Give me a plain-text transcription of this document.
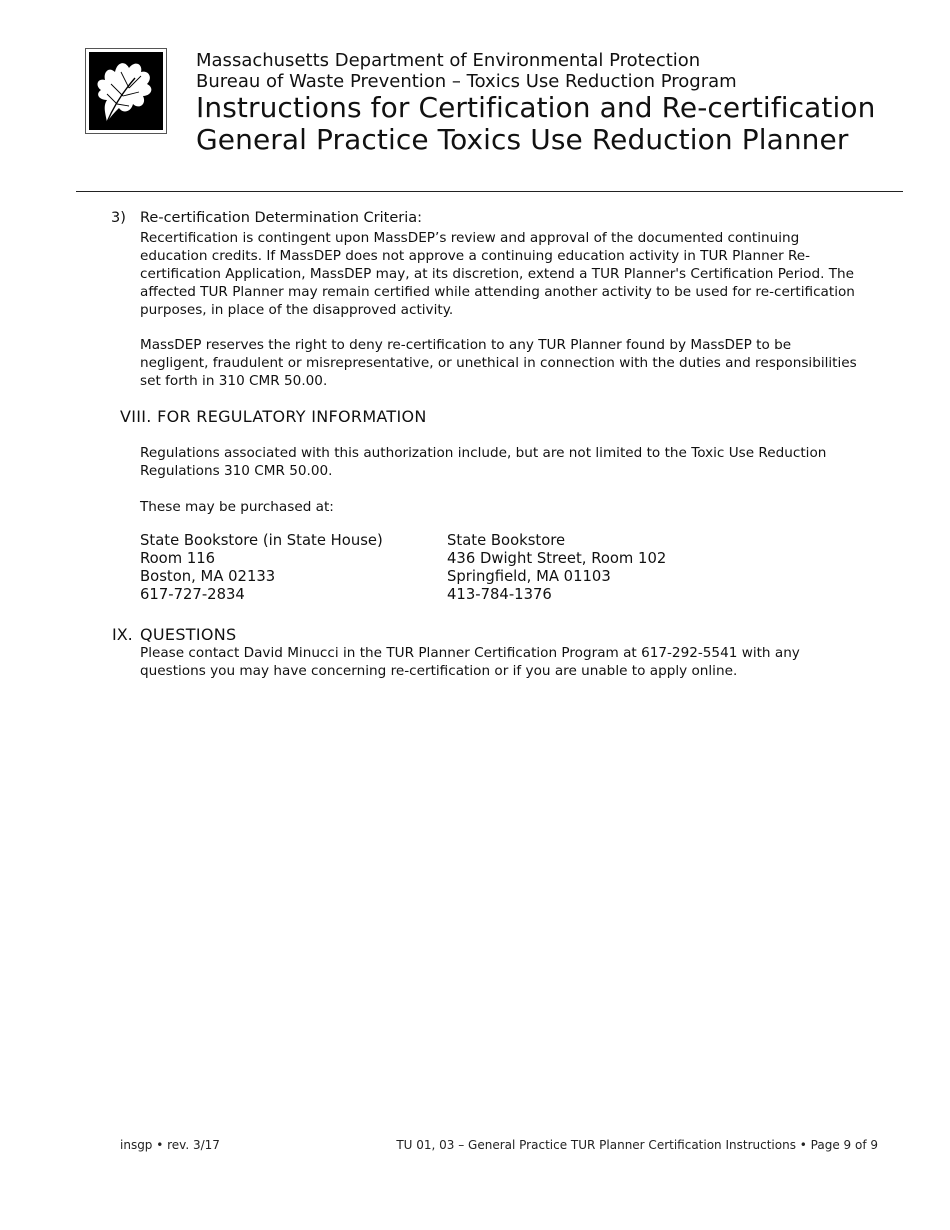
Massachusetts Department of Environmental Protection
Bureau of Waste Prevention – Toxics Use Reduction Program
Instructions for Certification and Re-certification
General Practice Toxics Use Reduction Planner
3) Re-certification Determination Criteria:
Recertification is contingent upon MassDEP’s review and approval of the documented continuing education credits. If MassDEP does not approve a continuing education activity in TUR Planner Re-certification Application, MassDEP may, at its discretion, extend a TUR Planner's Certification Period. The affected TUR Planner may remain certified while attending another activity to be used for re-certification purposes, in place of the disapproved activity.
MassDEP reserves the right to deny re-certification to any TUR Planner found by MassDEP to be negligent, fraudulent or misrepresentative, or unethical in connection with the duties and responsibilities set forth in 310 CMR 50.00.
VIII. FOR REGULATORY INFORMATION
Regulations associated with this authorization include, but are not limited to the Toxic Use Reduction Regulations 310 CMR 50.00.
These may be purchased at:
State Bookstore (in State House)
Room 116
Boston, MA 02133
617-727-2834
State Bookstore
436 Dwight Street, Room 102
Springfield, MA 01103
413-784-1376
IX. QUESTIONS
Please contact David Minucci in the TUR Planner Certification Program at 617-292-5541 with any questions you may have concerning re-certification or if you are unable to apply online.
insgp • rev. 3/17	TU 01, 03 – General Practice TUR Planner Certification Instructions • Page 9 of 9
